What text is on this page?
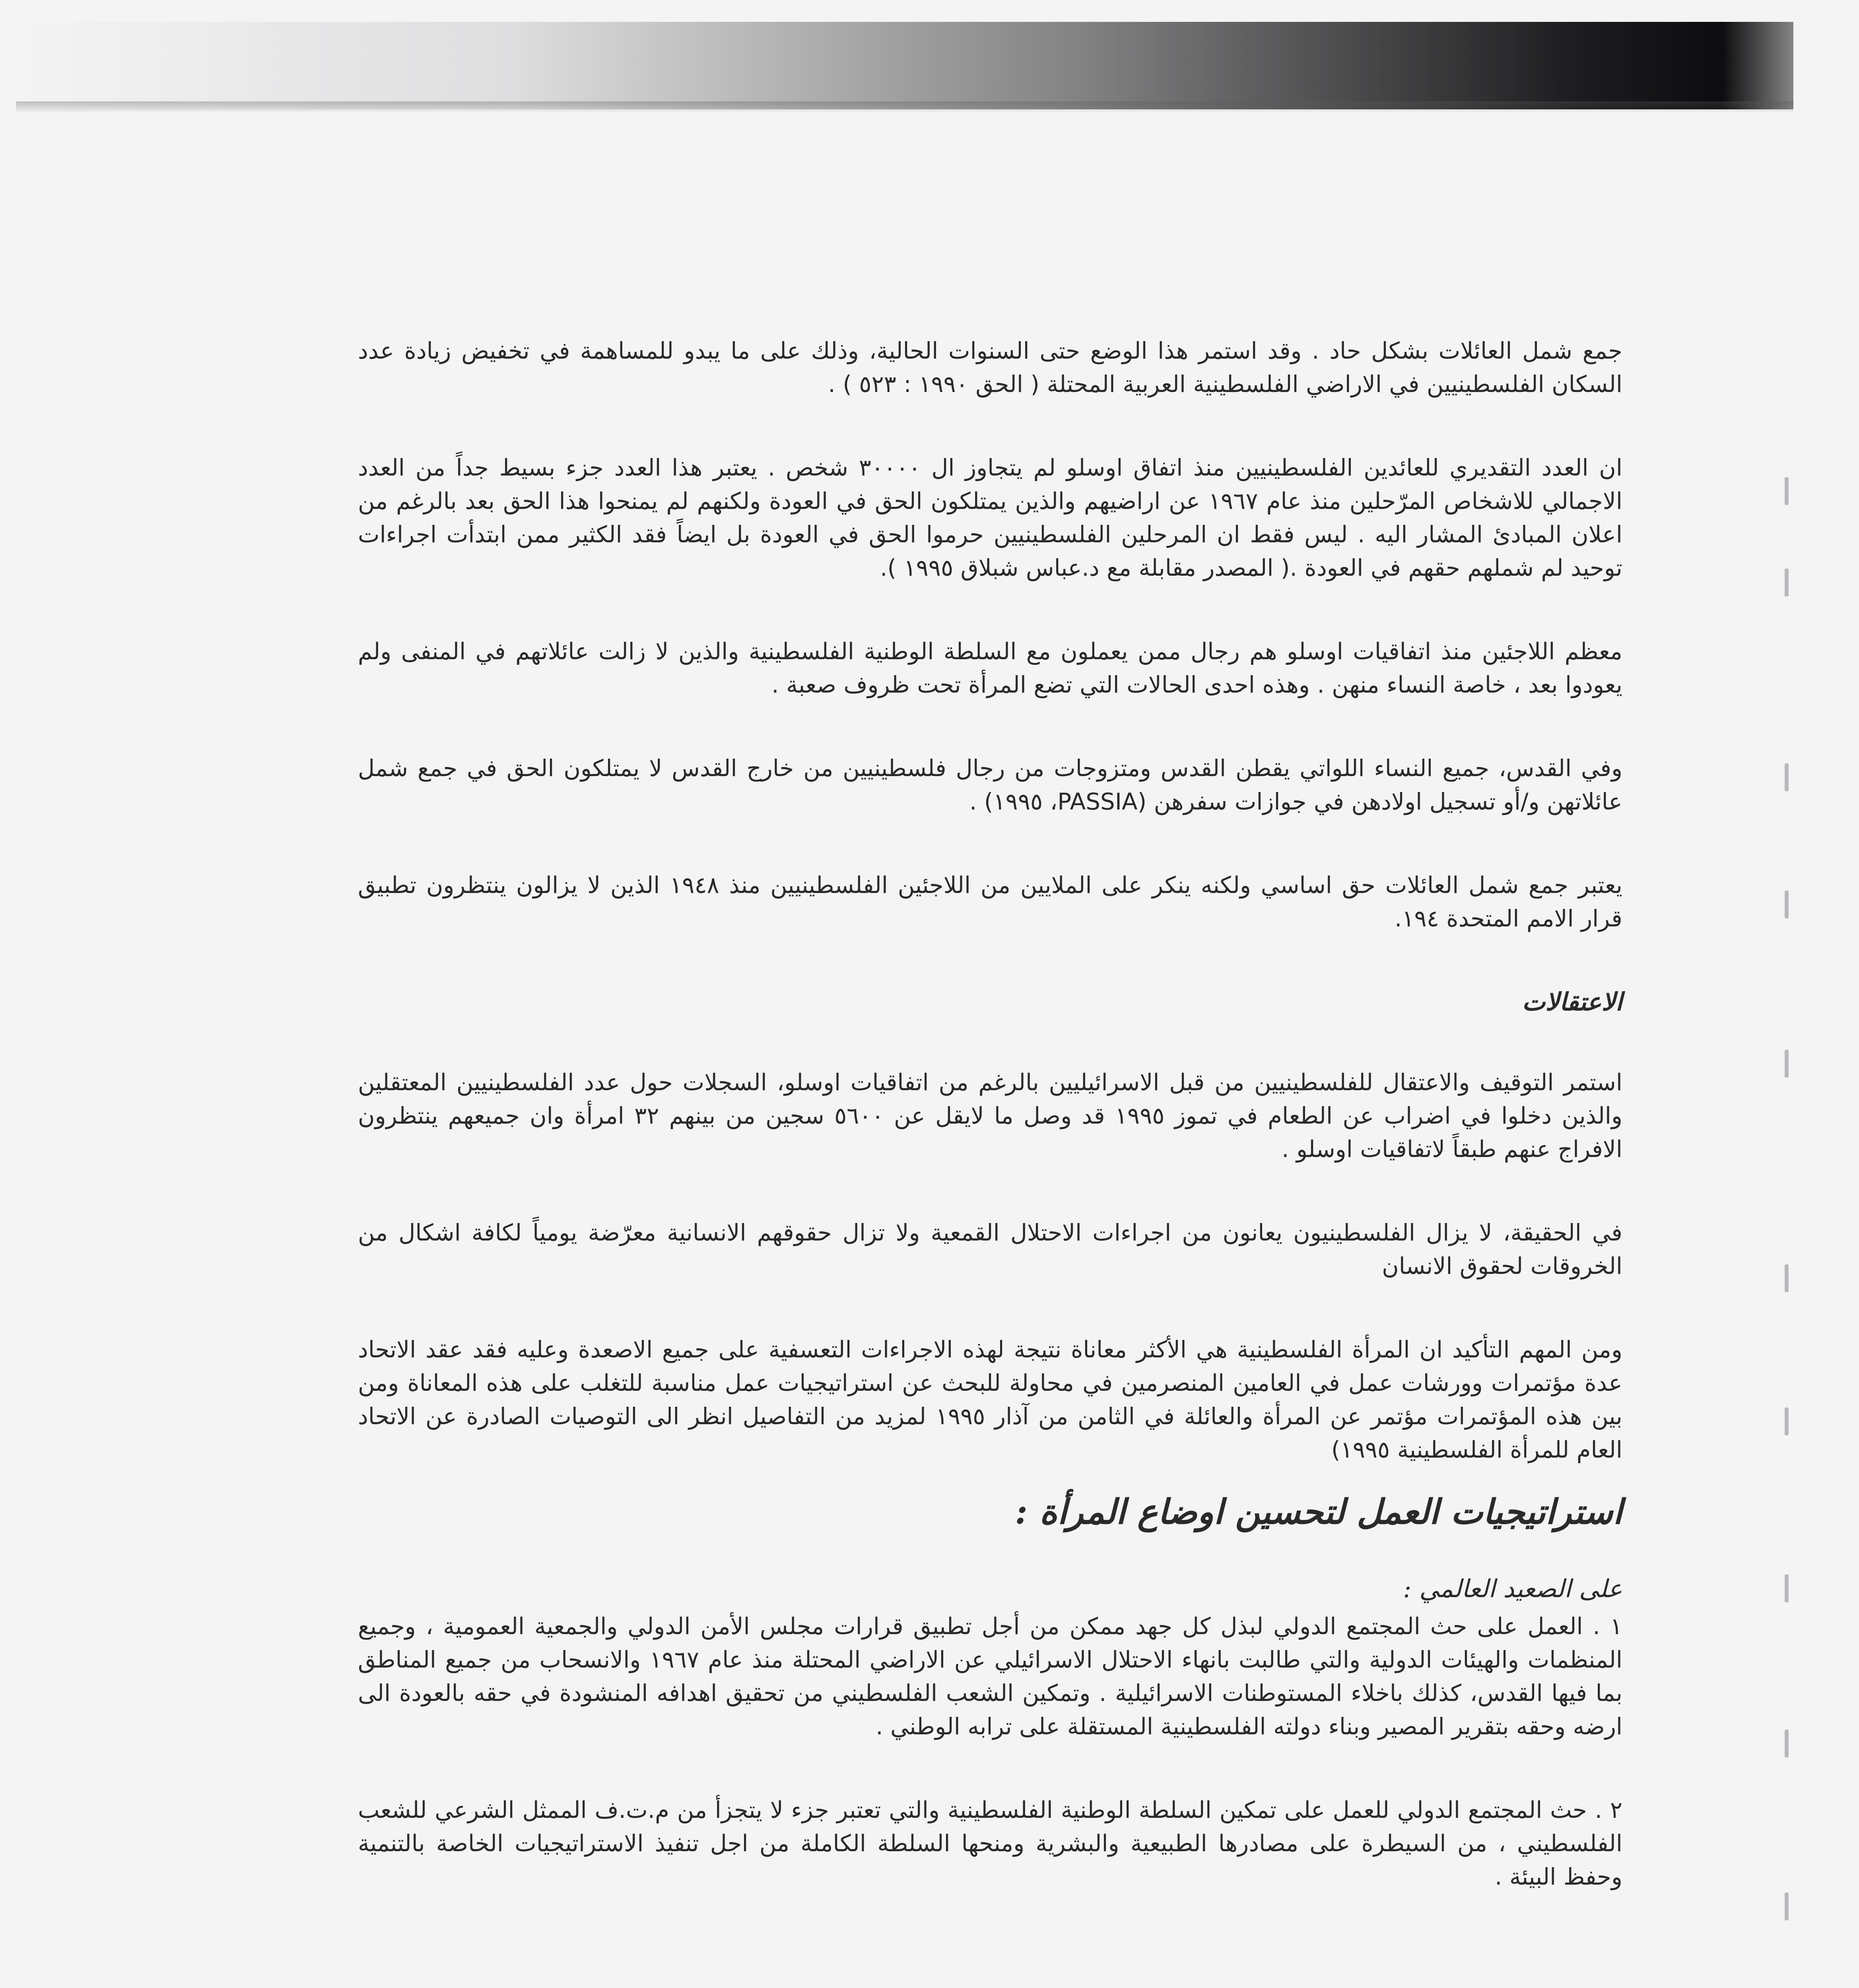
جمع شمل العائلات بشكل حاد . وقد استمر هذا الوضع حتى السنوات الحالية، وذلك على ما يبدو للمساهمة في تخفيض زيادة عدد السكان الفلسطينيين في الاراضي الفلسطينية العربية المحتلة ( الحق ١٩٩٠ : ٥٢٣ ) .

ان العدد التقديري للعائدين الفلسطينيين منذ اتفاق اوسلو لم يتجاوز ال ٣٠٠٠٠ شخص . يعتبر هذا العدد جزء بسيط جداً من العدد الاجمالي للاشخاص المرّحلين منذ عام ١٩٦٧ عن اراضيهم والذين يمتلكون الحق في العودة ولكنهم لم يمنحوا هذا الحق بعد بالرغم من اعلان المبادئ المشار اليه . ليس فقط ان المرحلين الفلسطينيين حرموا الحق في العودة بل ايضاً فقد الكثير ممن ابتدأت اجراءات توحيد لم شملهم حقهم في العودة .( المصدر مقابلة مع د.عباس شبلاق ١٩٩٥ ).

معظم اللاجئين منذ اتفاقيات اوسلو هم رجال ممن يعملون مع السلطة الوطنية الفلسطينية والذين لا زالت عائلاتهم في المنفى ولم يعودوا بعد ، خاصة النساء منهن . وهذه احدى الحالات التي تضع المرأة تحت ظروف صعبة .

وفي القدس، جميع النساء اللواتي يقطن القدس ومتزوجات من رجال فلسطينيين من خارج القدس لا يمتلكون الحق في جمع شمل عائلاتهن و/أو تسجيل اولادهن في جوازات سفرهن (PASSIA، ١٩٩٥) .

يعتبر جمع شمل العائلات حق اساسي ولكنه ينكر على الملايين من اللاجئين الفلسطينيين منذ ١٩٤٨ الذين لا يزالون ينتظرون تطبيق قرار الامم المتحدة ١٩٤.

الاعتقالات

استمر التوقيف والاعتقال للفلسطينيين من قبل الاسرائيليين بالرغم من اتفاقيات اوسلو، السجلات حول عدد الفلسطينيين المعتقلين والذين دخلوا في اضراب عن الطعام في تموز ١٩٩٥ قد وصل ما لايقل عن ٥٦٠٠ سجين من بينهم ٣٢ امرأة وان جميعهم ينتظرون الافراج عنهم طبقاً لاتفاقيات اوسلو .

في الحقيقة، لا يزال الفلسطينيون يعانون من اجراءات الاحتلال القمعية ولا تزال حقوقهم الانسانية معرّضة يومياً لكافة اشكال من الخروقات لحقوق الانسان

ومن المهم التأكيد ان المرأة الفلسطينية هي الأكثر معاناة نتيجة لهذه الاجراءات التعسفية على جميع الاصعدة وعليه فقد عقد الاتحاد عدة مؤتمرات وورشات عمل في العامين المنصرمين في محاولة للبحث عن استراتيجيات عمل مناسبة للتغلب على هذه المعاناة ومن بين هذه المؤتمرات مؤتمر عن المرأة والعائلة في الثامن من آذار ١٩٩٥ لمزيد من التفاصيل انظر الى التوصيات الصادرة عن الاتحاد العام للمرأة الفلسطينية ١٩٩٥)

استراتيجيات العمل لتحسين اوضاع المرأة :
على الصعيد العالمي :

١ . العمل على حث المجتمع الدولي لبذل كل جهد ممكن من أجل تطبيق قرارات مجلس الأمن الدولي والجمعية العمومية ، وجميع المنظمات والهيئات الدولية والتي طالبت بانهاء الاحتلال الاسرائيلي عن الاراضي المحتلة منذ عام ١٩٦٧ والانسحاب من جميع المناطق بما فيها القدس، كذلك باخلاء المستوطنات الاسرائيلية . وتمكين الشعب الفلسطيني من تحقيق اهدافه المنشودة في حقه بالعودة الى ارضه وحقه بتقرير المصير وبناء دولته الفلسطينية المستقلة على ترابه الوطني .

٢ . حث المجتمع الدولي للعمل على تمكين السلطة الوطنية الفلسطينية والتي تعتبر جزء لا يتجزأ من م.ت.ف الممثل الشرعي للشعب الفلسطيني ، من السيطرة على مصادرها الطبيعية والبشرية ومنحها السلطة الكاملة من اجل تنفيذ الاستراتيجيات الخاصة بالتنمية وحفظ البيئة .
